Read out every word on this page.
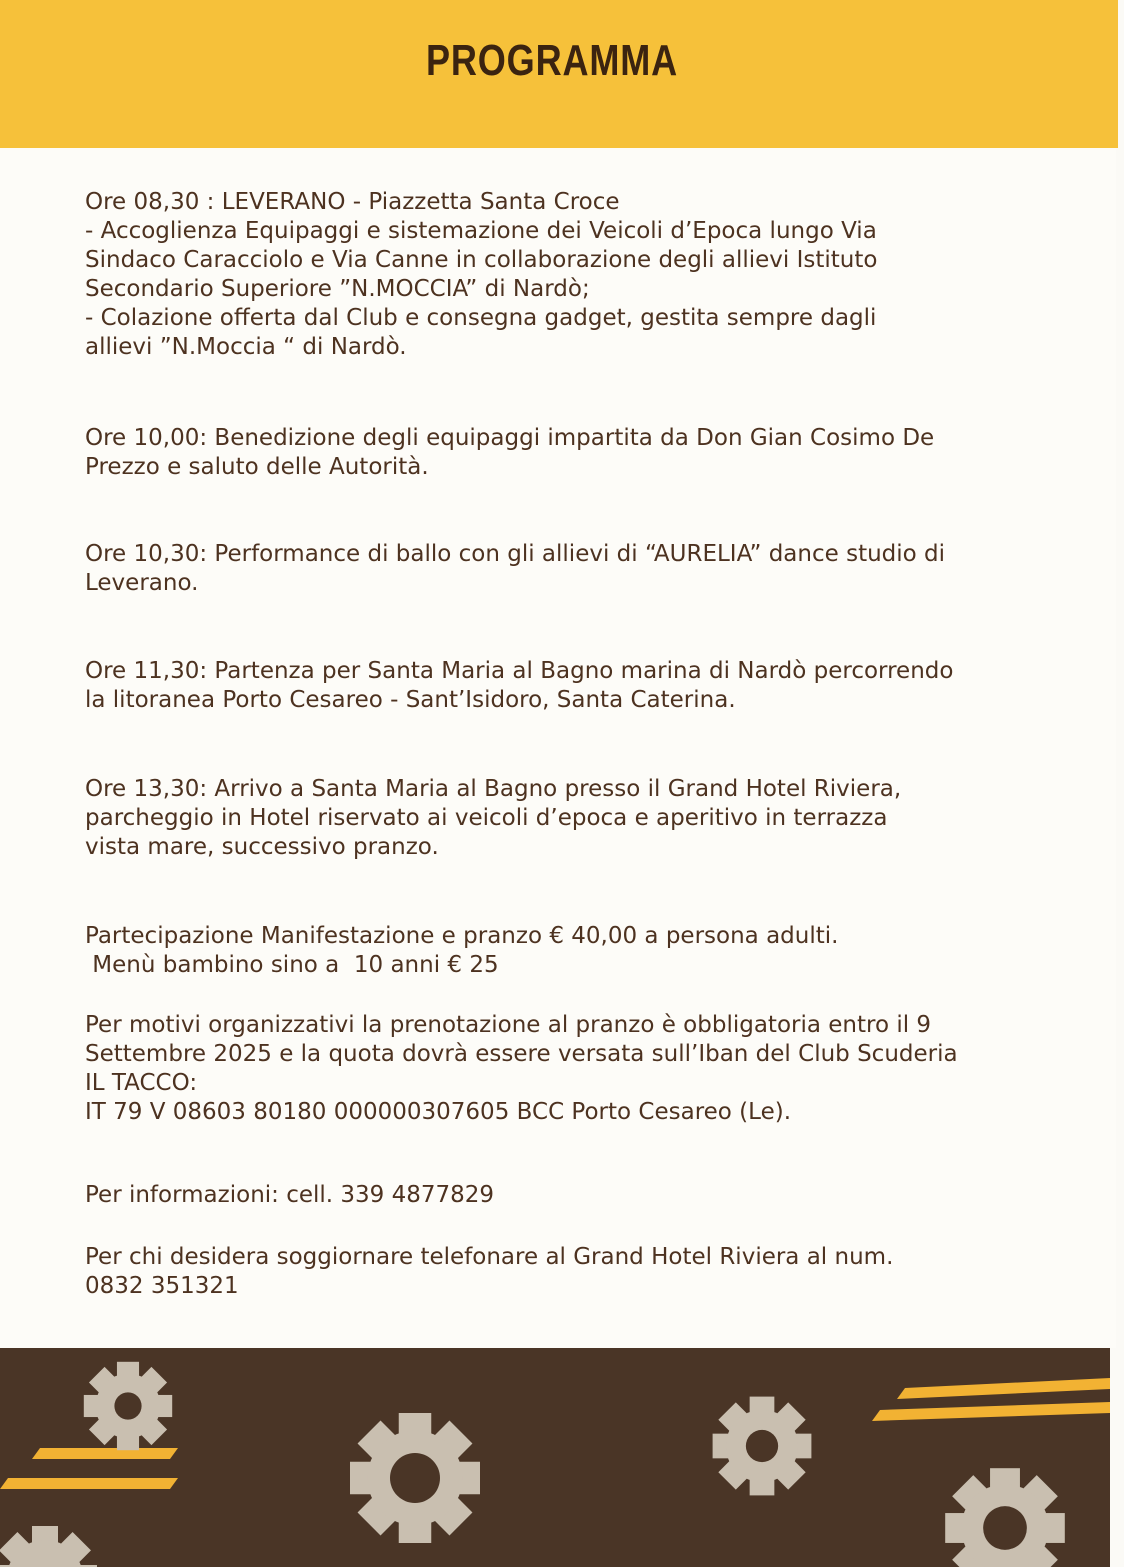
PROGRAMMA

Ore 08,30 : LEVERANO - Piazzetta Santa Croce

- Accoglienza Equipaggi e sistemazione dei Veicoli d’Epoca lungo Via

Sindaco Caracciolo e Via Canne in collaborazione degli allievi Istituto

Secondario Superiore ”N.MOCCIA” di Nardò;

- Colazione offerta dal Club e consegna gadget, gestita sempre dagli

allievi ”N.Moccia “ di Nardò.

Ore 10,00: Benedizione degli equipaggi impartita da Don Gian Cosimo De

Prezzo e saluto delle Autorità.

Ore 10,30: Performance di ballo con gli allievi di “AURELIA” dance studio di

Leverano.

Ore 11,30: Partenza per Santa Maria al Bagno marina di Nardò percorrendo

la litoranea Porto Cesareo - Sant’Isidoro, Santa Caterina.

Ore 13,30: Arrivo a Santa Maria al Bagno presso il Grand Hotel Riviera,

parcheggio in Hotel riservato ai veicoli d’epoca e aperitivo in terrazza

vista mare, successivo pranzo.

Partecipazione Manifestazione e pranzo € 40,00 a persona adulti.

Menù bambino sino a  10 anni € 25

Per motivi organizzativi la prenotazione al pranzo è obbligatoria entro il 9

Settembre 2025 e la quota dovrà essere versata sull’Iban del Club Scuderia

IL TACCO:

IT 79 V 08603 80180 000000307605 BCC Porto Cesareo (Le).

Per informazioni: cell. 339 4877829

Per chi desidera soggiornare telefonare al Grand Hotel Riviera al num.

0832 351321
